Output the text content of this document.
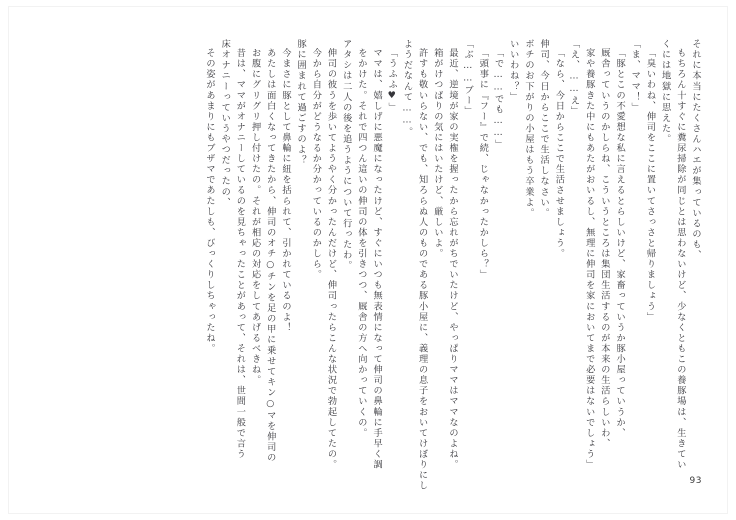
それに本当にたくさんハエが集っているのも、
もちろん十すぐに糞尿掃除が同じとは思わないけど、少なくともこの養豚場は、生きてい
くには地獄に思えた。
「臭いわね、伸司をここに置いてさっさと帰りましょう」
「ま、ママ！」
「豚とこの不愛想な私に言えるとらしいけど、家畜っていうか豚小屋っていうか、
厩舎っていうのかしらね、こういうところは集団生活するのが本来の生活らしいわ、
家や養豚きた中にもあたがおいるし、無理に伸司を家においてまで必要はないでしょう」
「え、……え」
「なら、今日からここで生活させましょう。
伸司、今日からここで生活しなさい。
ボチのお下がりの小屋はもう卒業よ。
いいわね？」
「で……でも……」
「頭事に『フー』で続、じゃなかったかしら？」
「ぶ……ブー」
最近、逆境が家の実権を握ったから忘れがちでいたけど、やっぱりママはママなのよね。
箱がけつばりの気にはいたけど、厳しいよ。
許すも敬いらない、でも、知ろらぬ人のものである豚小屋に、義理の息子をおいてけぼりにし
ようだなんて……。
「うふふ♥」
ママは、嬉しげに悪魔になったけど、すぐにいつも無表情になって伸司の鼻輪に手早く調
をかけた。それで四つん這いの伸司の体を引きつつ、厩舎の方へ向かっていくの。
アタシは二人の後を追うようについて行ったわ。
伸司の彼うを歩いてようやく分かったんだけど、伸司ったらこんな状況で勃起してたの。
今から自分がどうなるか分かっているのかしら。
豚に囲まれて過ごすのよ？
今まさに豚として鼻輪に紐を括られて、引かれているのよ！
あたしは面白くなってきたから、伸司のオチ○チンを足の甲に乗せてキン○マを伸司の
お腹にグリグリ押し付けたの。それが相応の対応をしてあげるべきね。
昔は、ママがオナニーしているのを見ちゃったことがあって、それは、世間一般で言う
床オナニーっていうやつだったの、
その姿があまりにもブザマであたしも、びっくりしちゃったね。
93
